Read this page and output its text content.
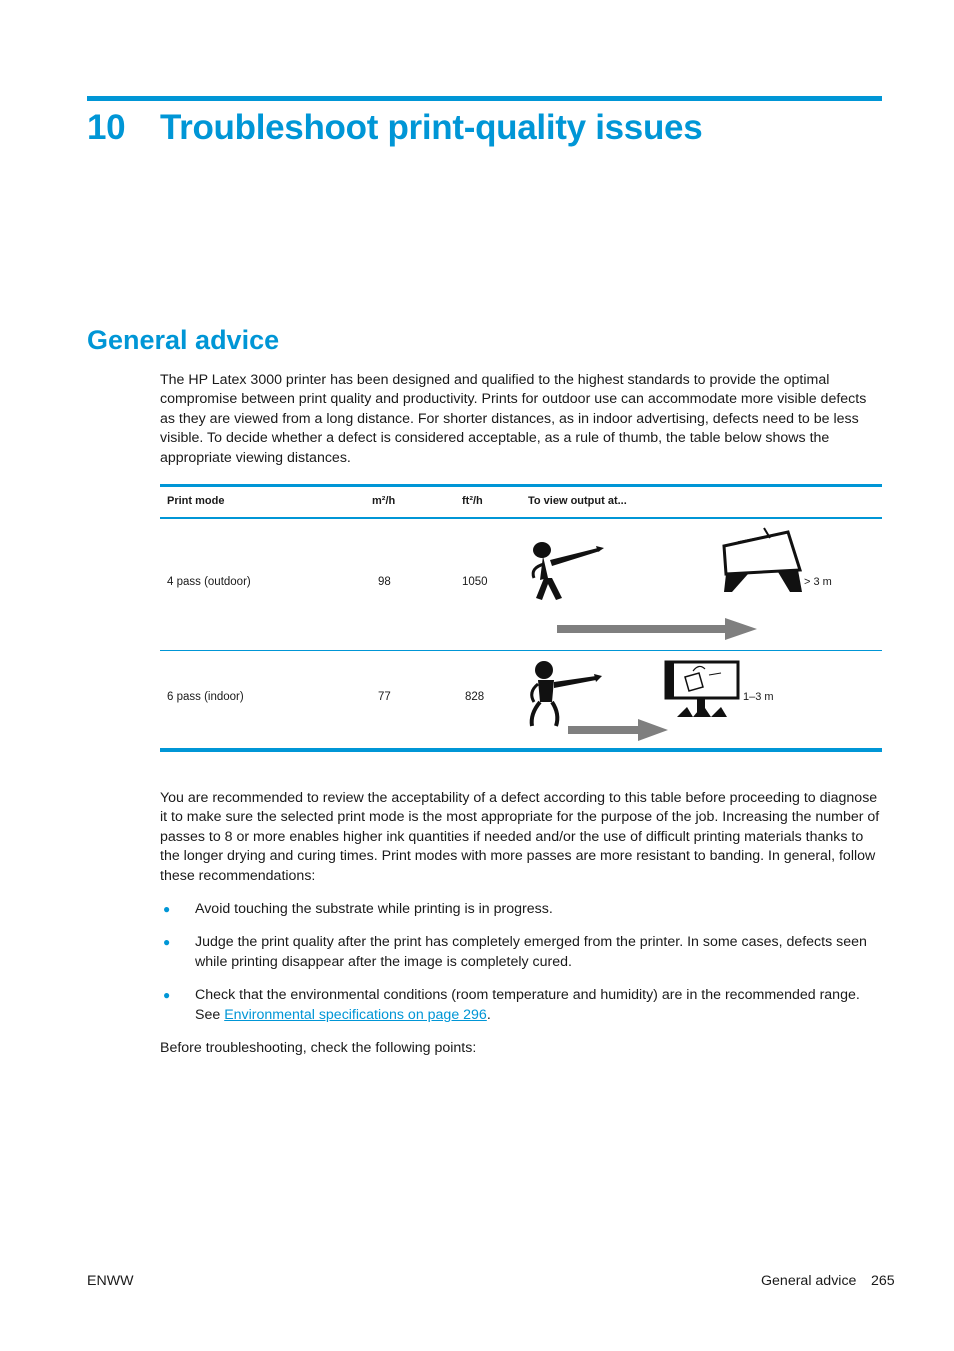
10 Troubleshoot print-quality issues
General advice

The HP Latex 3000 printer has been designed and qualified to the highest standards to provide the optimal compromise between print quality and productivity. Prints for outdoor use can accommodate more visible defects as they are viewed from a long distance. For shorter distances, as in indoor advertising, defects need to be less visible. To decide whether a defect is considered acceptable, as a rule of thumb, the table below shows the appropriate viewing distances.

Print mode	m²/h	ft²/h	To view output at...
4 pass (outdoor)	98	1050	> 3 m
6 pass (indoor)	77	828	1–3 m

You are recommended to review the acceptability of a defect according to this table before proceeding to diagnose it to make sure the selected print mode is the most appropriate for the purpose of the job. Increasing the number of passes to 8 or more enables higher ink quantities if needed and/or the use of difficult printing materials thanks to the longer drying and curing times. Print modes with more passes are more resistant to banding. In general, follow these recommendations:

● Avoid touching the substrate while printing is in progress.
● Judge the print quality after the print has completely emerged from the printer. In some cases, defects seen while printing disappear after the image is completely cured.
● Check that the environmental conditions (room temperature and humidity) are in the recommended range. See Environmental specifications on page 296.

Before troubleshooting, check the following points:

ENWW	General advice 265
